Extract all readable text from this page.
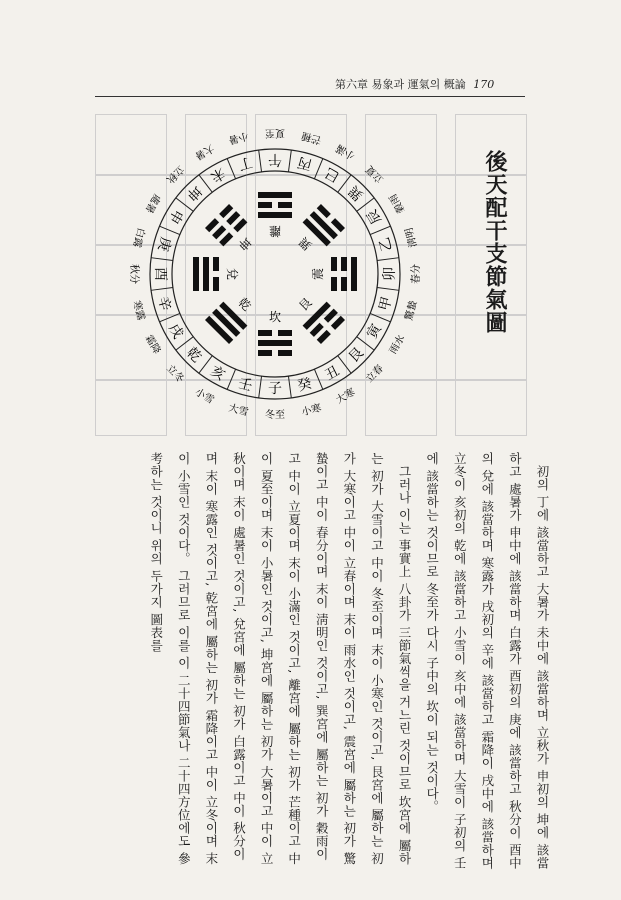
第六章 易象과 運氣의 概論 170
後天配干支節氣圖
子 癸
丑
艮
寅
甲
卯
乙
辰
巽
巳
丙
午
丁
未
坤
申
庚
酉
辛
戌
乾
亥
壬
冬至 小寒
大寒
立春
雨水
驚蟄
春分
淸明
穀雨
立夏
小滿
芒種
夏至
小暑
大暑
立秋
處暑
白露
秋分
寒露
霜降
立冬
小雪
大雪
坎
艮
震
巽
離
坤
兌
乾

初의 丁에 該當하고 大暑가 未中에 該當하며 立秋가 申初의 坤에 該當하고 處暑가 申中에 該當하며 白露가 酉初의 庚에 該當하고 秋分이 酉中의 兌에 該當하며 寒露가 戌初의 辛에 該當하고 霜降이 戌中에 該當하며 立冬이 亥初의 乾에 該當하고 小雪이 亥中에 該當하며 大雪이 子初의 壬에 該當하는 것이므로 冬至가 다시 子中의 坎이 되는 것이다。

그러나 이는 事實上 八卦가 三節氣씩을 거느린 것이므로 坎宮에 屬하는 初가 大雪이고 中이 冬至이며 末이 小寒인 것이고, 艮宮에 屬하는 初가 大寒이고 中이 立春이며 末이 雨水인 것이고, 震宮에 屬하는 初가 驚蟄이고 中이 春分이며 末이 淸明인 것이고, 巽宮에 屬하는 初가 穀雨이고 中이 立夏이며 末이 小滿인 것이고, 離宮에 屬하는 初가 芒種이고 中이 夏至이며 末이 小暑인 것이고, 坤宮에 屬하는 初가 大暑이고 中이 立秋이며 末이 處暑인 것이고, 兌宮에 屬하는 初가 白露이고 中이 秋分이며 末이 寒露인 것이고, 乾宮에 屬하는 初가 霜降이고 中이 立冬이며 末이 小雪인 것이다。 그러므로 이를 이 二十四節氣나 二十四方位에도 參考하는 것이니 위의 두가지 圖表를
